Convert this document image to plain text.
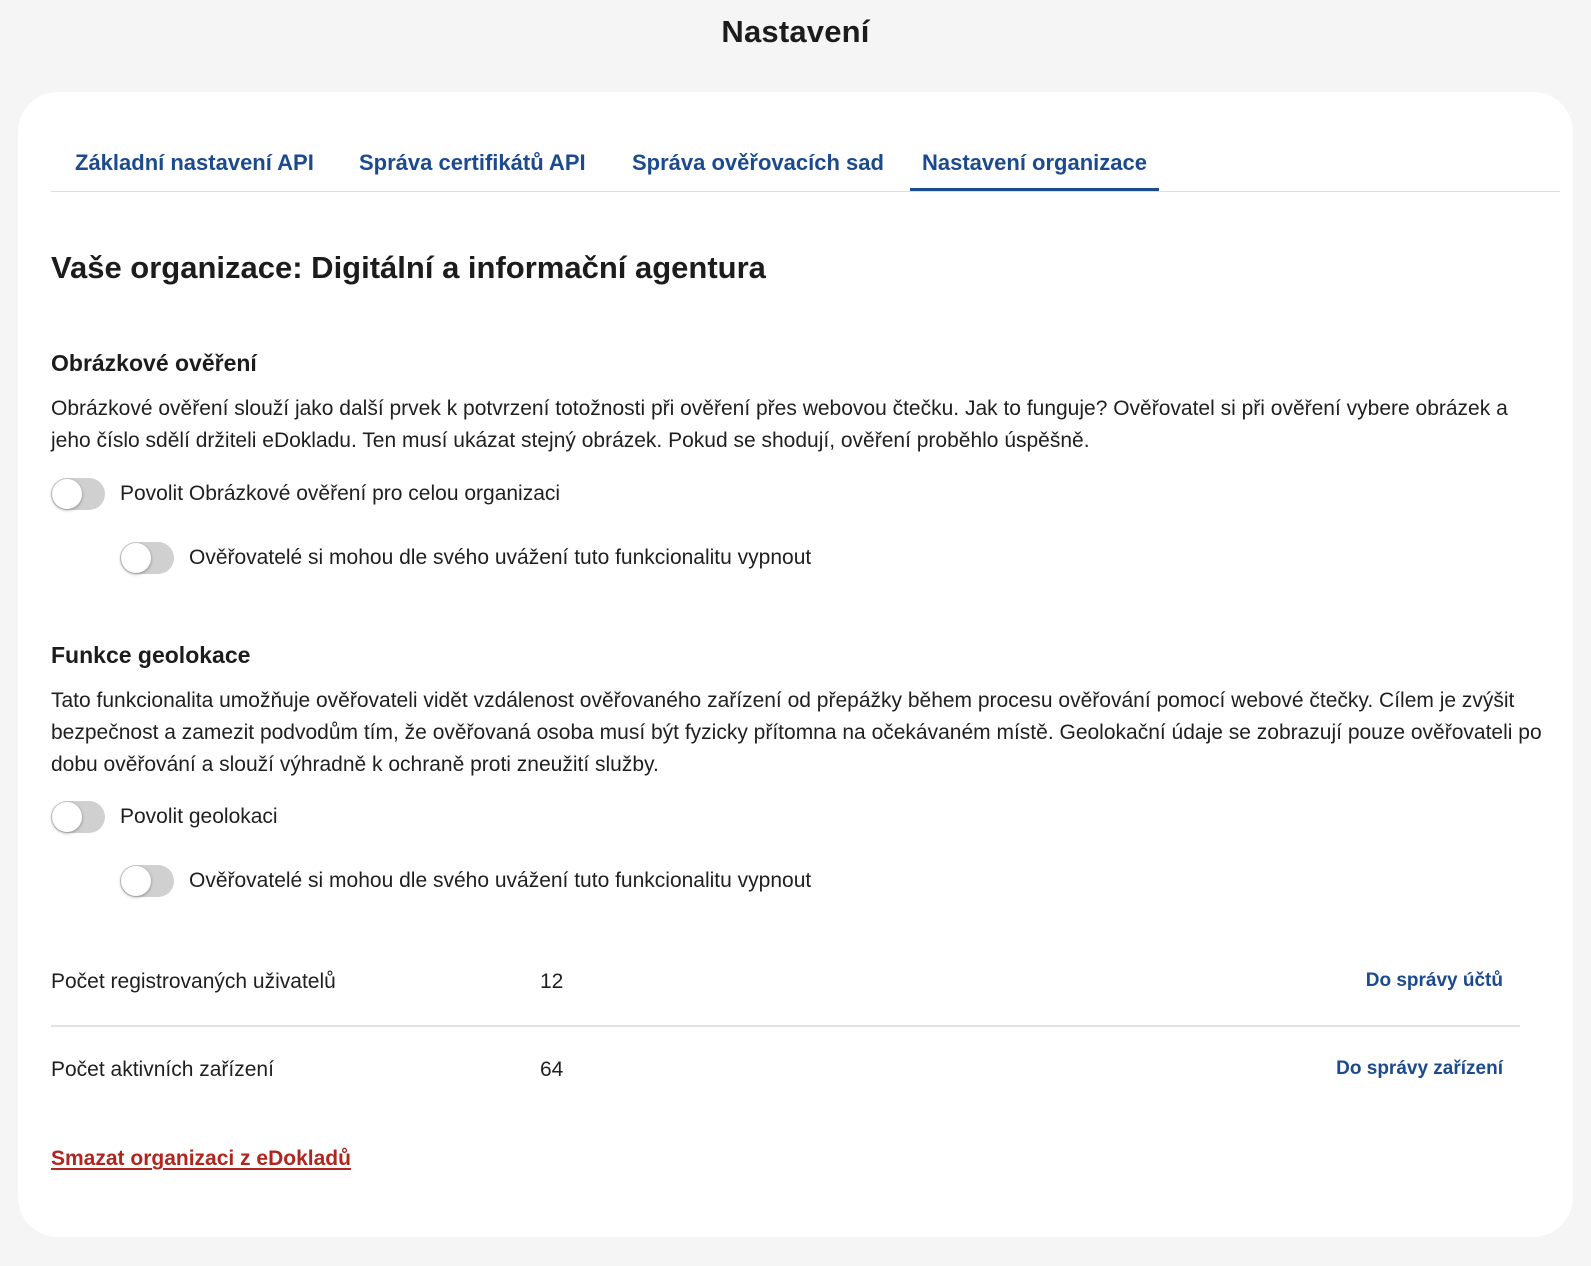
Nastavení
Základní nastavení API	Správa certifikátů API	Správa ověřovacích sad	Nastavení organizace
Vaše organizace: Digitální a informační agentura
Obrázkové ověření
Obrázkové ověření slouží jako další prvek k potvrzení totožnosti při ověření přes webovou čtečku. Jak to funguje? Ověřovatel si při ověření vybere obrázek a jeho číslo sdělí držiteli eDokladu. Ten musí ukázat stejný obrázek. Pokud se shodují, ověření proběhlo úspěšně.
Povolit Obrázkové ověření pro celou organizaci
Ověřovatelé si mohou dle svého uvážení tuto funkcionalitu vypnout
Funkce geolokace
Tato funkcionalita umožňuje ověřovateli vidět vzdálenost ověřovaného zařízení od přepážky během procesu ověřování pomocí webové čtečky. Cílem je zvýšit bezpečnost a zamezit podvodům tím, že ověřovaná osoba musí být fyzicky přítomna na očekávaném místě. Geolokační údaje se zobrazují pouze ověřovateli po dobu ověřování a slouží výhradně k ochraně proti zneužití služby.
Povolit geolokaci
Ověřovatelé si mohou dle svého uvážení tuto funkcionalitu vypnout
Počet registrovaných uživatelů	12	Do správy účtů
Počet aktivních zařízení	64	Do správy zařízení
Smazat organizaci z eDokladů
